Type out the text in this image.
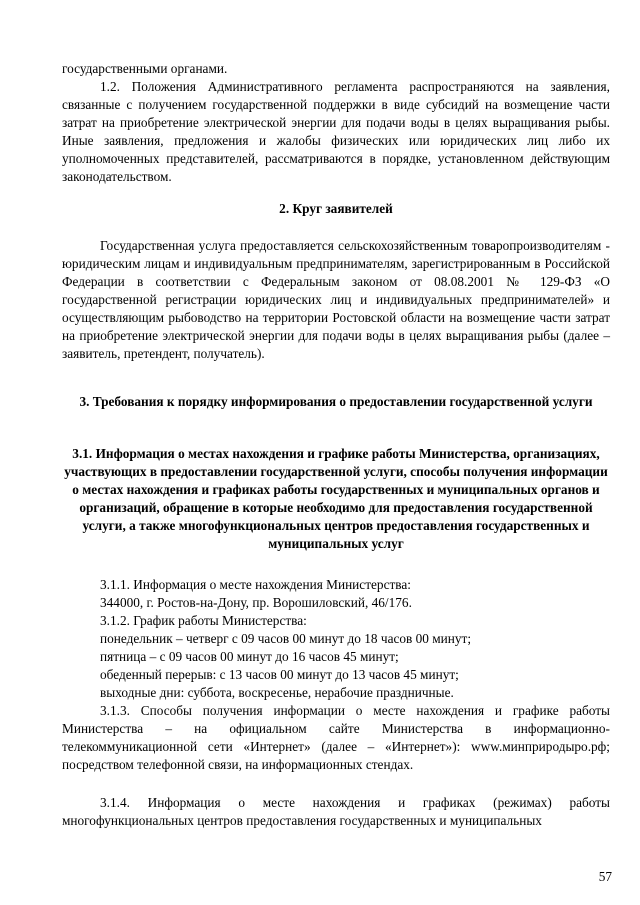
государственными органами.

1.2. Положения Административного регламента распространяются на заявления, связанные с получением государственной поддержки в виде субсидий на возмещение части затрат на приобретение электрической энергии для подачи воды в целях выращивания рыбы. Иные заявления, предложения и жалобы физических или юридических лиц либо их уполномоченных представителей, рассматриваются в порядке, установленном действующим законодательством.

2. Круг заявителей

Государственная услуга предоставляется сельскохозяйственным товаропроизводителям - юридическим лицам и индивидуальным предпринимателям, зарегистрированным в Российской Федерации в соответствии с Федеральным законом от 08.08.2001 № 129-ФЗ «О государственной регистрации юридических лиц и индивидуальных предпринимателей» и осуществляющим рыбоводство на территории Ростовской области на возмещение части затрат на приобретение электрической энергии для подачи воды в целях выращивания рыбы (далее – заявитель, претендент, получатель).

3. Требования к порядку информирования о предоставлении государственной услуги

3.1. Информация о местах нахождения и графике работы Министерства, организациях, участвующих в предоставлении государственной услуги, способы получения информации о местах нахождения и графиках работы государственных и муниципальных органов и организаций, обращение в которые необходимо для предоставления государственной услуги, а также многофункциональных центров предоставления государственных и муниципальных услуг

3.1.1. Информация о месте нахождения Министерства:

344000, г. Ростов-на-Дону, пр. Ворошиловский, 46/176.

3.1.2. График работы Министерства:

понедельник – четверг с 09 часов 00 минут до 18 часов 00 минут;

пятница – с 09 часов 00 минут до 16 часов 45 минут;

обеденный перерыв: с 13 часов 00 минут до 13 часов 45 минут;

выходные дни: суббота, воскресенье, нерабочие праздничные.

3.1.3. Способы получения информации о месте нахождения и графике работы Министерства – на официальном сайте Министерства в информационно-телекоммуникационной сети «Интернет» (далее – «Интернет»): www.минприродыро.рф; посредством телефонной связи, на информационных стендах.

3.1.4. Информация о месте нахождения и графиках (режимах) работы многофункциональных центров предоставления государственных и муниципальных

57
